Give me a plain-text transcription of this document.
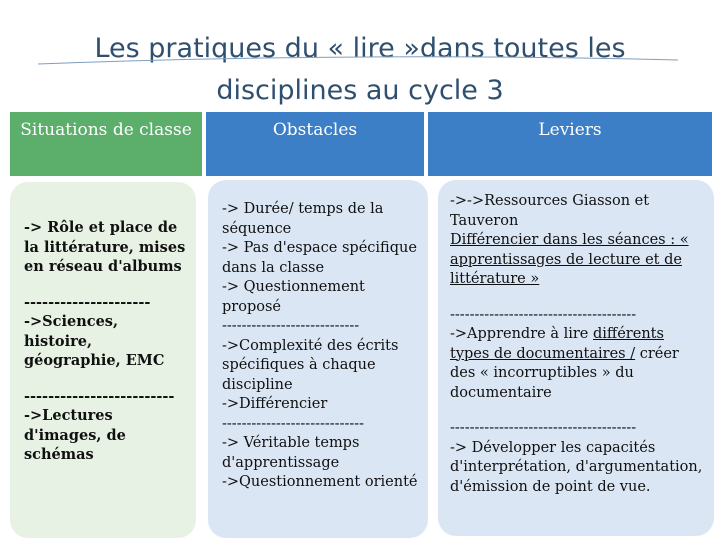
Les pratiques du « lire »dans toutes les
disciplines au cycle 3
Situations de classe	Obstacles	Leviers

-> Rôle et place de la littérature, mises en réseau d'albums

---------------------

->Sciences, histoire, géographie, EMC

-------------------------

->Lectures d'images, de schémas

-> Durée/ temps de la séquence

-> Pas d'espace spécifique dans la classe

-> Questionnement proposé

----------------------------

->Complexité des écrits spécifiques à chaque discipline

->Différencier

-----------------------------

-> Véritable temps d'apprentissage

->Questionnement orienté

->->Ressources Giasson et Tauveron

Différencier dans les séances : « apprentissages de lecture et de littérature »

--------------------------------------

->Apprendre à lire différents types de documentaires / créer des « incorruptibles » du documentaire

--------------------------------------

-> Développer les capacités d'interprétation, d'argumentation, d'émission de point de vue.
